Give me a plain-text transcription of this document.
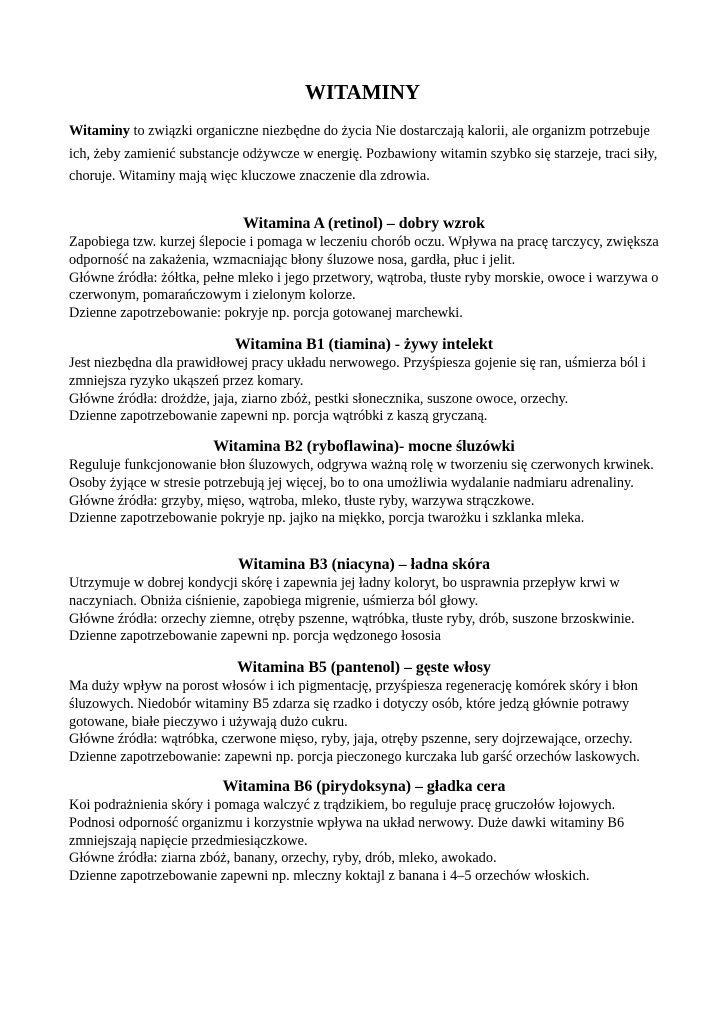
WITAMINY

Witaminy to związki organiczne niezbędne do życia Nie dostarczają kalorii, ale organizm potrzebuje ich, żeby zamienić substancje odżywcze w energię. Pozbawiony witamin szybko się starzeje, traci siły, choruje. Witaminy mają więc kluczowe znaczenie dla zdrowia.

Witamina A (retinol) – dobry wzrok

Zapobiega tzw. kurzej ślepocie i pomaga w leczeniu chorób oczu. Wpływa na pracę tarczycy, zwiększa odporność na zakażenia, wzmacniając błony śluzowe nosa, gardła, płuc i jelit.

Główne źródła: żółtka, pełne mleko i jego przetwory, wątroba, tłuste ryby morskie, owoce i warzywa o czerwonym, pomarańczowym i zielonym kolorze.

Dzienne zapotrzebowanie: pokryje np. porcja gotowanej marchewki.

Witamina B1 (tiamina) - żywy intelekt

Jest niezbędna dla prawidłowej pracy układu nerwowego. Przyśpiesza gojenie się ran, uśmierza ból i zmniejsza ryzyko ukąszeń przez komary.

Główne źródła: drożdże, jaja, ziarno zbóż, pestki słonecznika, suszone owoce, orzechy.

Dzienne zapotrzebowanie zapewni np. porcja wątróbki z kaszą gryczaną.

Witamina B2 (ryboflawina)- mocne śluzówki

Reguluje funkcjonowanie błon śluzowych, odgrywa ważną rolę w tworzeniu się czerwonych krwinek. Osoby żyjące w stresie potrzebują jej więcej, bo to ona umożliwia wydalanie nadmiaru adrenaliny.

Główne źródła: grzyby, mięso, wątroba, mleko, tłuste ryby, warzywa strączkowe.

Dzienne zapotrzebowanie pokryje np. jajko na miękko, porcja twarożku i szklanka mleka.

Witamina B3 (niacyna) – ładna skóra

Utrzymuje w dobrej kondycji skórę i zapewnia jej ładny koloryt, bo usprawnia przepływ krwi w naczyniach. Obniża ciśnienie, zapobiega migrenie, uśmierza ból głowy.

Główne źródła: orzechy ziemne, otręby pszenne, wątróbka, tłuste ryby, drób, suszone brzoskwinie.

Dzienne zapotrzebowanie zapewni np. porcja wędzonego łososia

Witamina B5 (pantenol) – gęste włosy

Ma duży wpływ na porost włosów i ich pigmentację, przyśpiesza regenerację komórek skóry i błon śluzowych. Niedobór witaminy B5 zdarza się rzadko i dotyczy osób, które jedzą głównie potrawy gotowane, białe pieczywo i używają dużo cukru.

Główne źródła: wątróbka, czerwone mięso, ryby, jaja, otręby pszenne, sery dojrzewające, orzechy.

Dzienne zapotrzebowanie: zapewni np. porcja pieczonego kurczaka lub garść orzechów laskowych.

Witamina B6 (pirydoksyna) – gładka cera

Koi podrażnienia skóry i pomaga walczyć z trądzikiem, bo reguluje pracę gruczołów łojowych. Podnosi odporność organizmu i korzystnie wpływa na układ nerwowy. Duże dawki witaminy B6 zmniejszają napięcie przedmiesiączkowe.

Główne źródła: ziarna zbóż, banany, orzechy, ryby, drób, mleko, awokado.

Dzienne zapotrzebowanie zapewni np. mleczny koktajl z banana i 4–5 orzechów włoskich.
